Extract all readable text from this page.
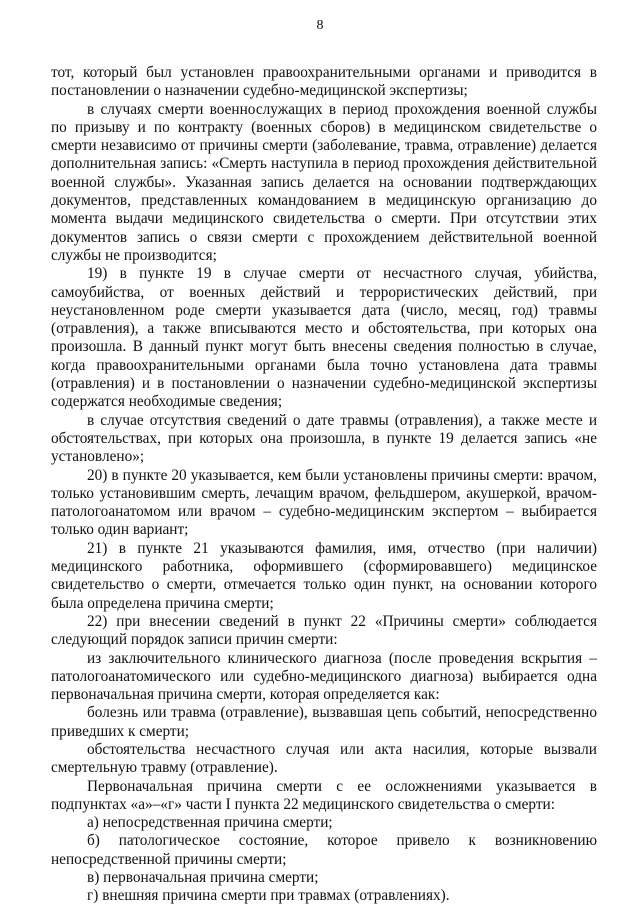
8

тот, который был установлен правоохранительными органами и приводится в постановлении о назначении судебно-медицинской экспертизы;

в случаях смерти военнослужащих в период прохождения военной службы по призыву и по контракту (военных сборов) в медицинском свидетельстве о смерти независимо от причины смерти (заболевание, травма, отравление) делается дополнительная запись: «Смерть наступила в период прохождения действительной военной службы». Указанная запись делается на основании подтверждающих документов, представленных командованием в медицинскую организацию до момента выдачи медицинского свидетельства о смерти. При отсутствии этих документов запись о связи смерти с прохождением действительной военной службы не производится;

19) в пункте 19 в случае смерти от несчастного случая, убийства, самоубийства, от военных действий и террористических действий, при неустановленном роде смерти указывается дата (число, месяц, год) травмы (отравления), а также вписываются место и обстоятельства, при которых она произошла. В данный пункт могут быть внесены сведения полностью в случае, когда правоохранительными органами была точно установлена дата травмы (отравления) и в постановлении о назначении судебно-медицинской экспертизы содержатся необходимые сведения;

в случае отсутствия сведений о дате травмы (отравления), а также месте и обстоятельствах, при которых она произошла, в пункте 19 делается запись «не установлено»;

20) в пункте 20 указывается, кем были установлены причины смерти: врачом, только установившим смерть, лечащим врачом, фельдшером, акушеркой, врачом-патологоанатомом или врачом – судебно-медицинским экспертом – выбирается только один вариант;

21) в пункте 21 указываются фамилия, имя, отчество (при наличии) медицинского работника, оформившего (сформировавшего) медицинское свидетельство о смерти, отмечается только один пункт, на основании которого была определена причина смерти;

22) при внесении сведений в пункт 22 «Причины смерти» соблюдается следующий порядок записи причин смерти:

из заключительного клинического диагноза (после проведения вскрытия – патологоанатомического или судебно-медицинского диагноза) выбирается одна первоначальная причина смерти, которая определяется как:

болезнь или травма (отравление), вызвавшая цепь событий, непосредственно приведших к смерти;

обстоятельства несчастного случая или акта насилия, которые вызвали смертельную травму (отравление).

Первоначальная причина смерти с ее осложнениями указывается в подпунктах «а»–«г» части I пункта 22 медицинского свидетельства о смерти:

а) непосредственная причина смерти;

б) патологическое состояние, которое привело к возникновению непосредственной причины смерти;

в) первоначальная причина смерти;

г) внешняя причина смерти при травмах (отравлениях).
